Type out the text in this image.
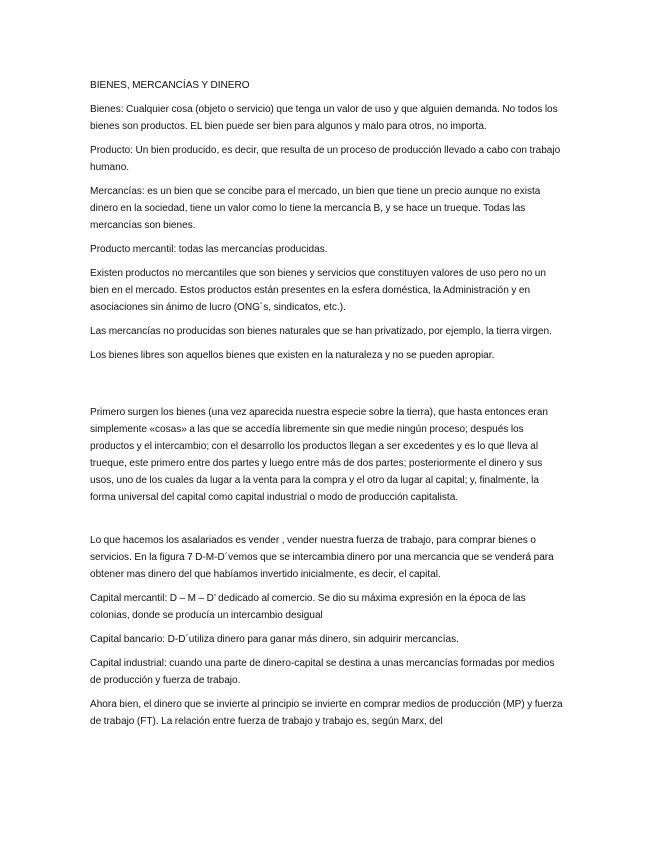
BIENES, MERCANCÍAS Y DINERO

Bienes: Cualquier cosa (objeto o servicio) que tenga un valor de uso y que alguien demanda. No todos los bienes son productos. EL bien puede ser bien para algunos y malo para otros, no importa.

Producto: Un bien producido, es decir, que resulta de un proceso de producción llevado a cabo con trabajo humano.

Mercancías: es un bien que se concibe para el mercado, un bien que tiene un precio aunque no exista dinero en la sociedad, tiene un valor como lo tiene la mercancía B, y se hace un trueque. Todas las mercancías son bienes.

Producto mercantil: todas las mercancías producidas.

Existen productos no mercantiles que son bienes y servicios que constituyen valores de uso pero no un bien en el mercado. Estos productos están presentes en la esfera doméstica, la Administración y en asociaciones sin ánimo de lucro (ONG´s, sindicatos, etc.).

Las mercancías no producidas son bienes naturales que se han privatizado, por ejemplo, la tierra virgen.

Los bienes libres son aquellos bienes que existen en la naturaleza y no se pueden apropiar.

Primero surgen los bienes (una vez aparecida nuestra especie sobre la tierra), que hasta entonces eran simplemente «cosas» a las que se accedía libremente sin que medie ningún proceso; después los productos y el intercambio; con el desarrollo los productos llegan a ser excedentes y es lo que lleva al trueque, este primero entre dos partes y luego entre más de dos partes; posteriormente el dinero y sus usos, uno de los cuales da lugar a la venta para la compra y el otro da lugar al capital; y, finalmente, la forma universal del capital como capital industrial o modo de producción capitalista.

Lo que hacemos los asalariados es vender , vender nuestra fuerza de trabajo, para comprar bienes o servicios. En la figura 7 D-M-D´vemos que se intercambia dinero por una mercancia que se venderá para obtener mas dinero del que habíamos invertido inicialmente, es decir, el capital.

Capital mercantil: D – M – D’ dedicado al comercio. Se dio su máxima expresión en la época de las colonias, donde se producía un intercambio desigual

Capital bancario: D-D´utiliza dinero para ganar más dinero, sin adquirir mercancías.

Capital industrial: cuando una parte de dinero-capital se destina a unas mercancías formadas por medios de producción y fuerza de trabajo.

Ahora bien, el dinero que se invierte al principio se invierte en comprar medios de producción (MP) y fuerza de trabajo (FT). La relación entre fuerza de trabajo y trabajo es, según Marx, del
